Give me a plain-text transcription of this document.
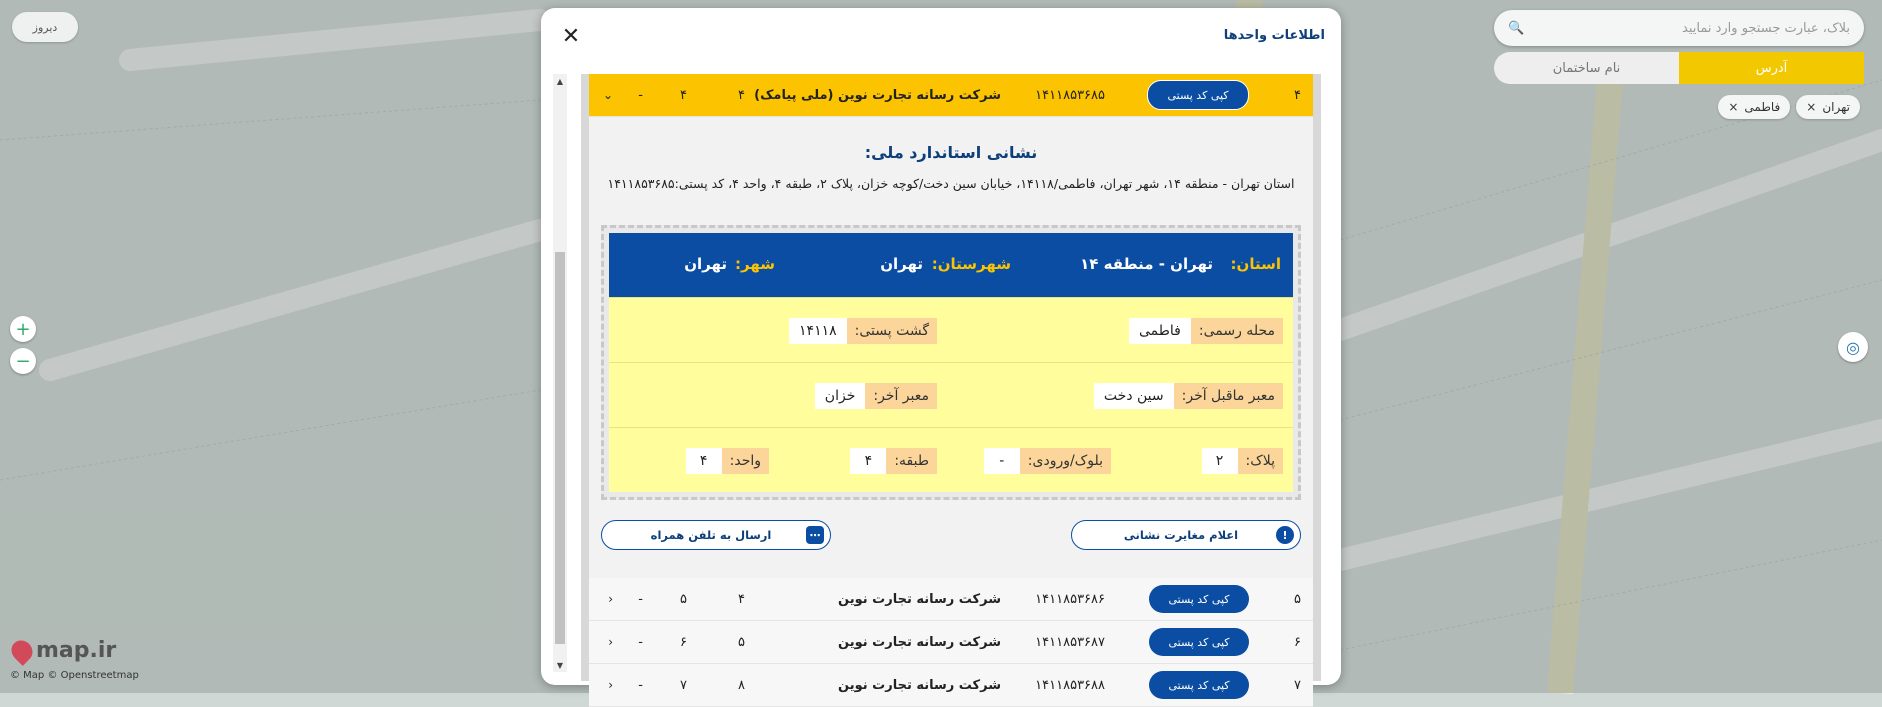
دیروز	بلاک، عبارت جستجو وارد نمایید
🔍
آدرس
نام ساختمان
تهران
×
فاطمی
×
+
−
◎
map.ir
© Map © Openstreetmap
اطلاعات واحدها
✕
▲
▼
۴
کپی کد پستی
۱۴۱۱۸۵۳۶۸۵
شرکت رسانه تجارت نوین (ملی پیامک)
۴
۴
-
⌄
نشانی استاندارد ملی:
استان تهران - منطقه ۱۴، شهر تهران، فاطمی/۱۴۱۱۸، خیابان سین دخت/کوچه خزان، پلاک ۲، طبقه ۴، واحد ۴، کد پستی:۱۴۱۱۸۵۳۶۸۵
استان:
تهران - منطقه ۱۴
شهرستان:
تهران
شهر:
تهران
محله رسمی:
فاطمی
گشت پستی:
۱۴۱۱۸
معبر ماقبل آخر:
سین دخت
معبر آخر:
خزان
پلاک:
۲
بلوک/ورودی:
-
طبقه:
۴
واحد:
۴
!
اعلام مغایرت نشانی
⋯
ارسال به تلفن همراه
۵
کپی کد پستی
۱۴۱۱۸۵۳۶۸۶
شرکت رسانه تجارت نوین
۴
۵
-
‹
۶
کپی کد پستی
۱۴۱۱۸۵۳۶۸۷
شرکت رسانه تجارت نوین
۵
۶
-
‹
۷
کپی کد پستی
۱۴۱۱۸۵۳۶۸۸
شرکت رسانه تجارت نوین
۸
۷
-
‹
